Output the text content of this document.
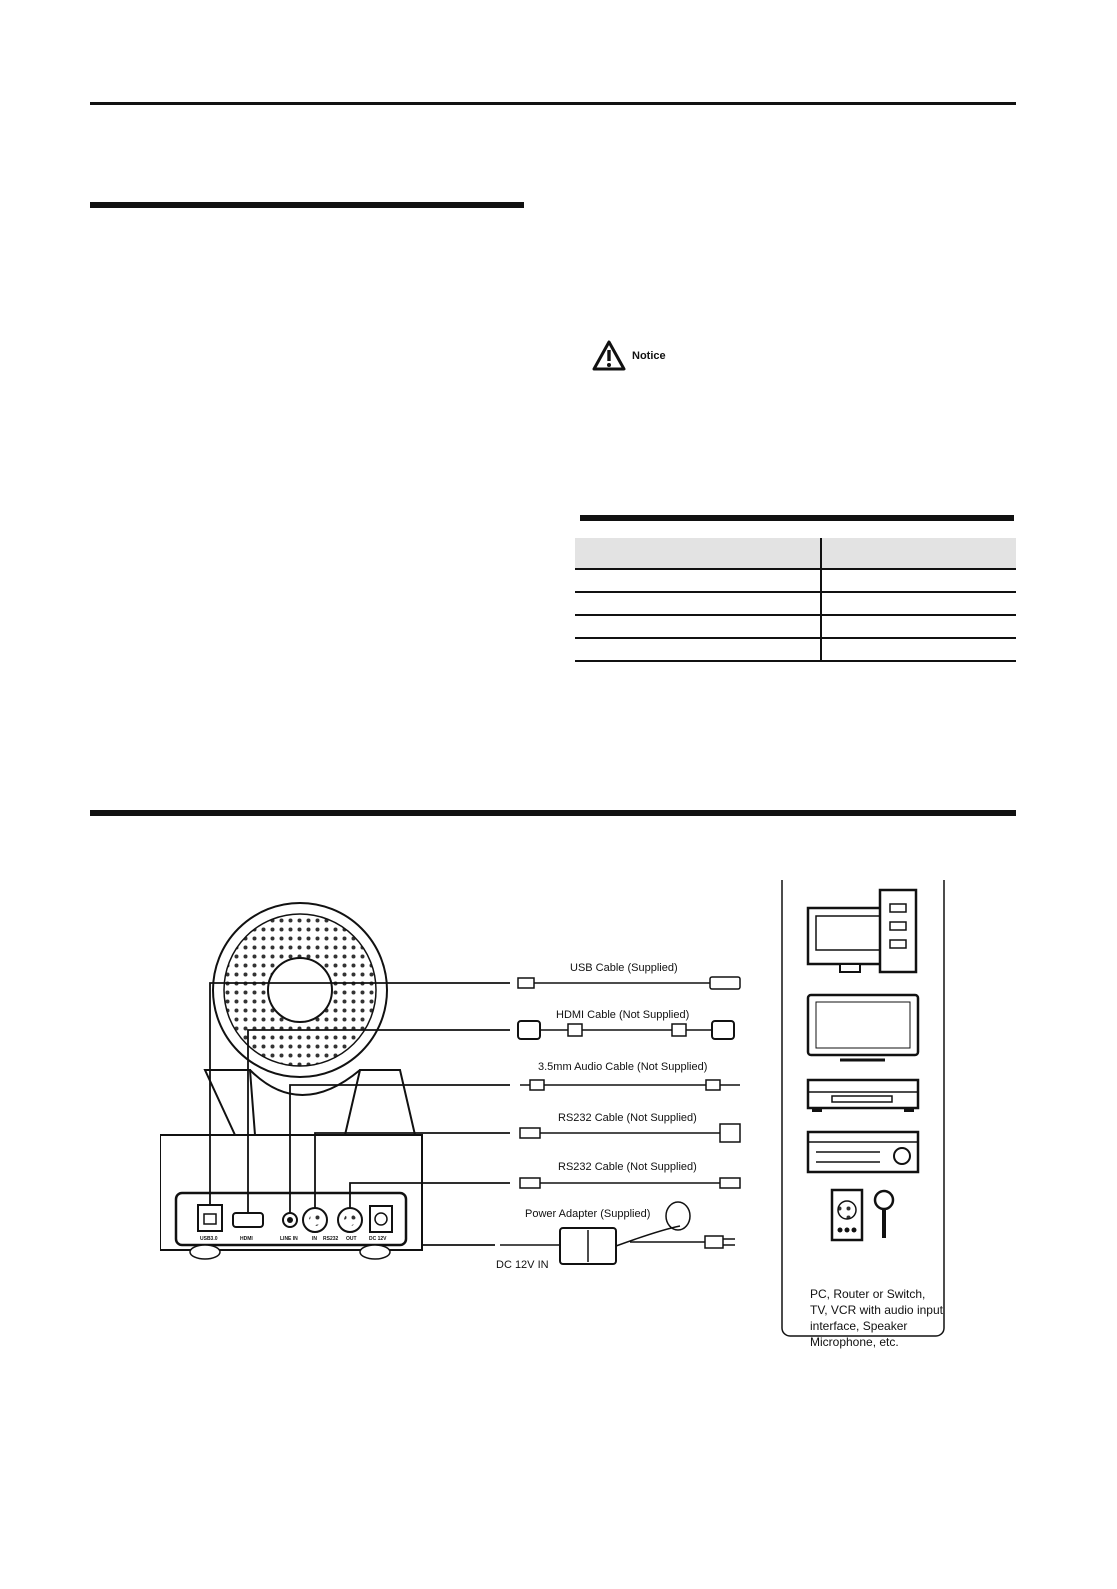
Notice

USB3.0	HDMI	LINE IN	IN RS232 OUT DC 12V
USB Cable (Supplied)
HDMI Cable (Not Supplied)
3.5mm Audio Cable (Not Supplied)
RS232 Cable (Not Supplied)
RS232 Cable (Not Supplied)
Power Adapter (Supplied)
DC 12V IN
PC, Router or Switch,
TV, VCR with audio input
interface, Speaker
Microphone, etc.
